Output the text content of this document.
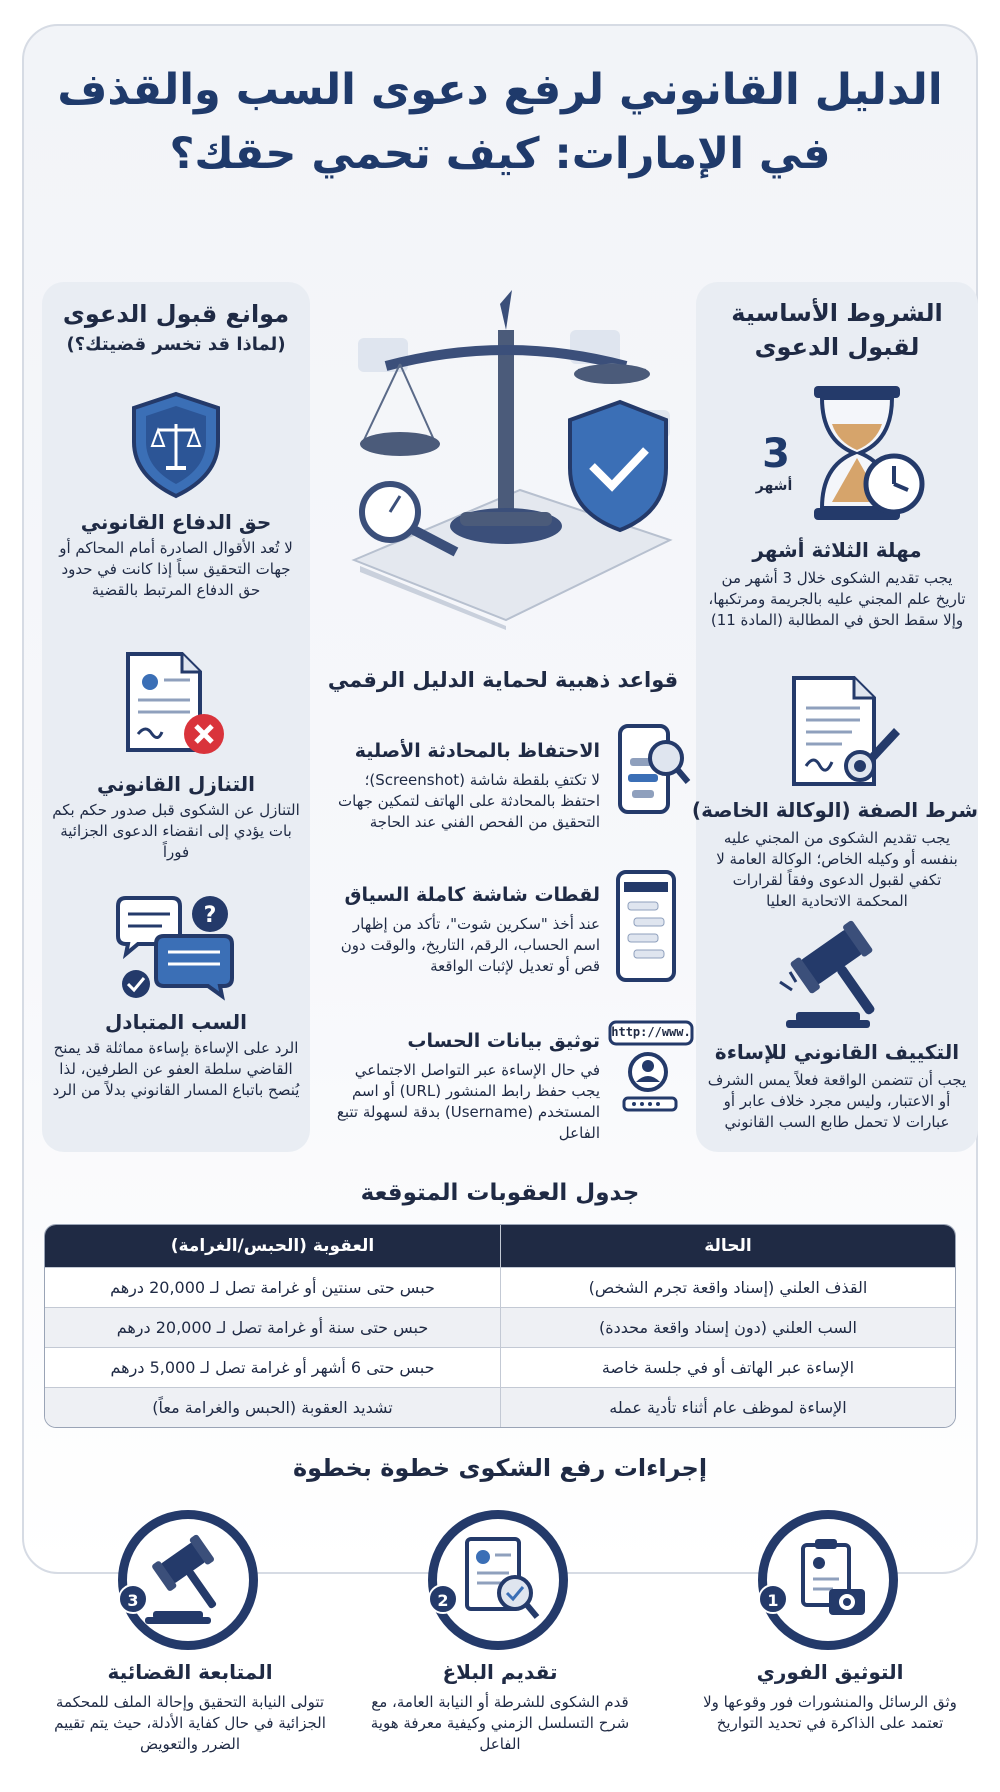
الدليل القانوني لرفع دعوى السب والقذف
في الإمارات: كيف تحمي حقك؟
الشروط الأساسية
لقبول الدعوى
3
أشهر
مهلة الثلاثة أشهر
يجب تقديم الشكوى خلال 3 أشهر من تاريخ علم المجني عليه بالجريمة ومرتكبها، وإلا سقط الحق في المطالبة (المادة 11)
شرط الصفة (الوكالة الخاصة)
يجب تقديم الشكوى من المجني عليه بنفسه أو وكيله الخاص؛ الوكالة العامة لا تكفي لقبول الدعوى وفقاً لقرارات المحكمة الاتحادية العليا
التكييف القانوني للإساءة
يجب أن تتضمن الواقعة فعلاً يمس الشرف أو الاعتبار، وليس مجرد خلاف عابر أو عبارات لا تحمل طابع السب القانوني
موانع قبول الدعوى
(لماذا قد تخسر قضيتك؟)
حق الدفاع القانوني
لا تُعد الأقوال الصادرة أمام المحاكم أو جهات التحقيق سباً إذا كانت في حدود حق الدفاع المرتبط بالقضية
التنازل القانوني
التنازل عن الشكوى قبل صدور حكم بكم بات يؤدي إلى انقضاء الدعوى الجزائية فوراً
?
السب المتبادل
الرد على الإساءة بإساءة مماثلة قد يمنح القاضي سلطة العفو عن الطرفين، لذا يُنصح باتباع المسار القانوني بدلاً من الرد
قواعد ذهبية لحماية الدليل الرقمي
الاحتفاظ بالمحادثة الأصلية
لا تكتفِ بلقطة شاشة (Screenshot)؛ احتفظ بالمحادثة على الهاتف لتمكين جهات التحقيق من الفحص الفني عند الحاجة
لقطات شاشة كاملة السياق
عند أخذ "سكرين شوت"، تأكد من إظهار اسم الحساب، الرقم، التاريخ، والوقت دون قص أو تعديل لإثبات الواقعة
http://www.
توثيق بيانات الحساب
في حال الإساءة عبر التواصل الاجتماعي يجب حفظ رابط المنشور (URL) أو اسم المستخدم (Username) بدقة لسهولة تتبع الفاعل
جدول العقوبات المتوقعة
الحالة	العقوبة (الحبس/الغرامة)
القذف العلني (إسناد واقعة تجرم الشخص)	حبس حتى سنتين أو غرامة تصل لـ 20,000 درهم
السب العلني (دون إسناد واقعة محددة)	حبس حتى سنة أو غرامة تصل لـ 20,000 درهم
الإساءة عبر الهاتف أو في جلسة خاصة	حبس حتى 6 أشهر أو غرامة تصل لـ 5,000 درهم
الإساءة لموظف عام أثناء تأدية عمله	تشديد العقوبة (الحبس والغرامة معاً)
إجراءات رفع الشكوى خطوة بخطوة
1
التوثيق الفوري
وثق الرسائل والمنشورات فور وقوعها ولا تعتمد على الذاكرة في تحديد التواريخ
2
تقديم البلاغ
قدم الشكوى للشرطة أو النيابة العامة، مع شرح التسلسل الزمني وكيفية معرفة هوية الفاعل
3
المتابعة القضائية
تتولى النيابة التحقيق وإحالة الملف للمحكمة الجزائية في حال كفاية الأدلة، حيث يتم تقييم الضرر والتعويض
